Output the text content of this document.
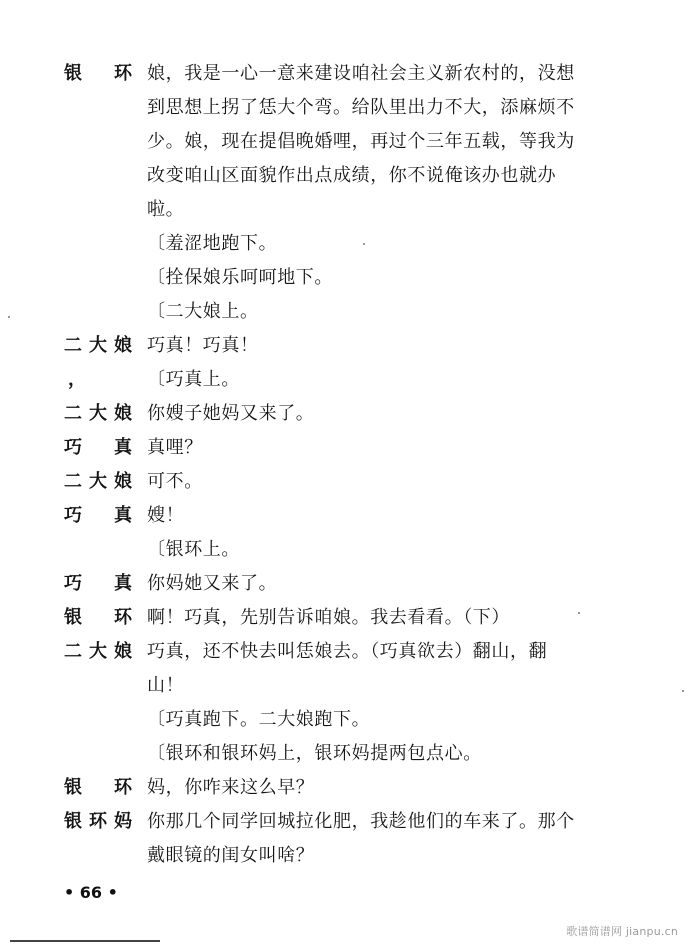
银　环 娘，我是一心一意来建设咱社会主义新农村的，没想
到思想上拐了恁大个弯。给队里出力不大，添麻烦不
少。娘，现在提倡晚婚哩，再过个三年五载，等我为
改变咱山区面貌作出点成绩，你不说俺该办也就办
啦。
〔羞涩地跑下。
〔拴保娘乐呵呵地下。
〔二大娘上。
二大娘 巧真！巧真！
，	〔巧真上。
二大娘 你嫂子她妈又来了。
巧　真 真哩？
二大娘 可不。
巧　真 嫂！
〔银环上。
巧　真 你妈她又来了。
银　环 啊！巧真，先别告诉咱娘。我去看看。（下）
二大娘 巧真，还不快去叫恁娘去。（巧真欲去）翻山，翻
山！
〔巧真跑下。二大娘跑下。
〔银环和银环妈上，银环妈提两包点心。
银　环 妈，你咋来这么早？
银环妈 你那几个同学回城拉化肥，我趁他们的车来了。那个
戴眼镜的闺女叫啥？
• 66 •
歌谱简谱网 jianpu.cn
